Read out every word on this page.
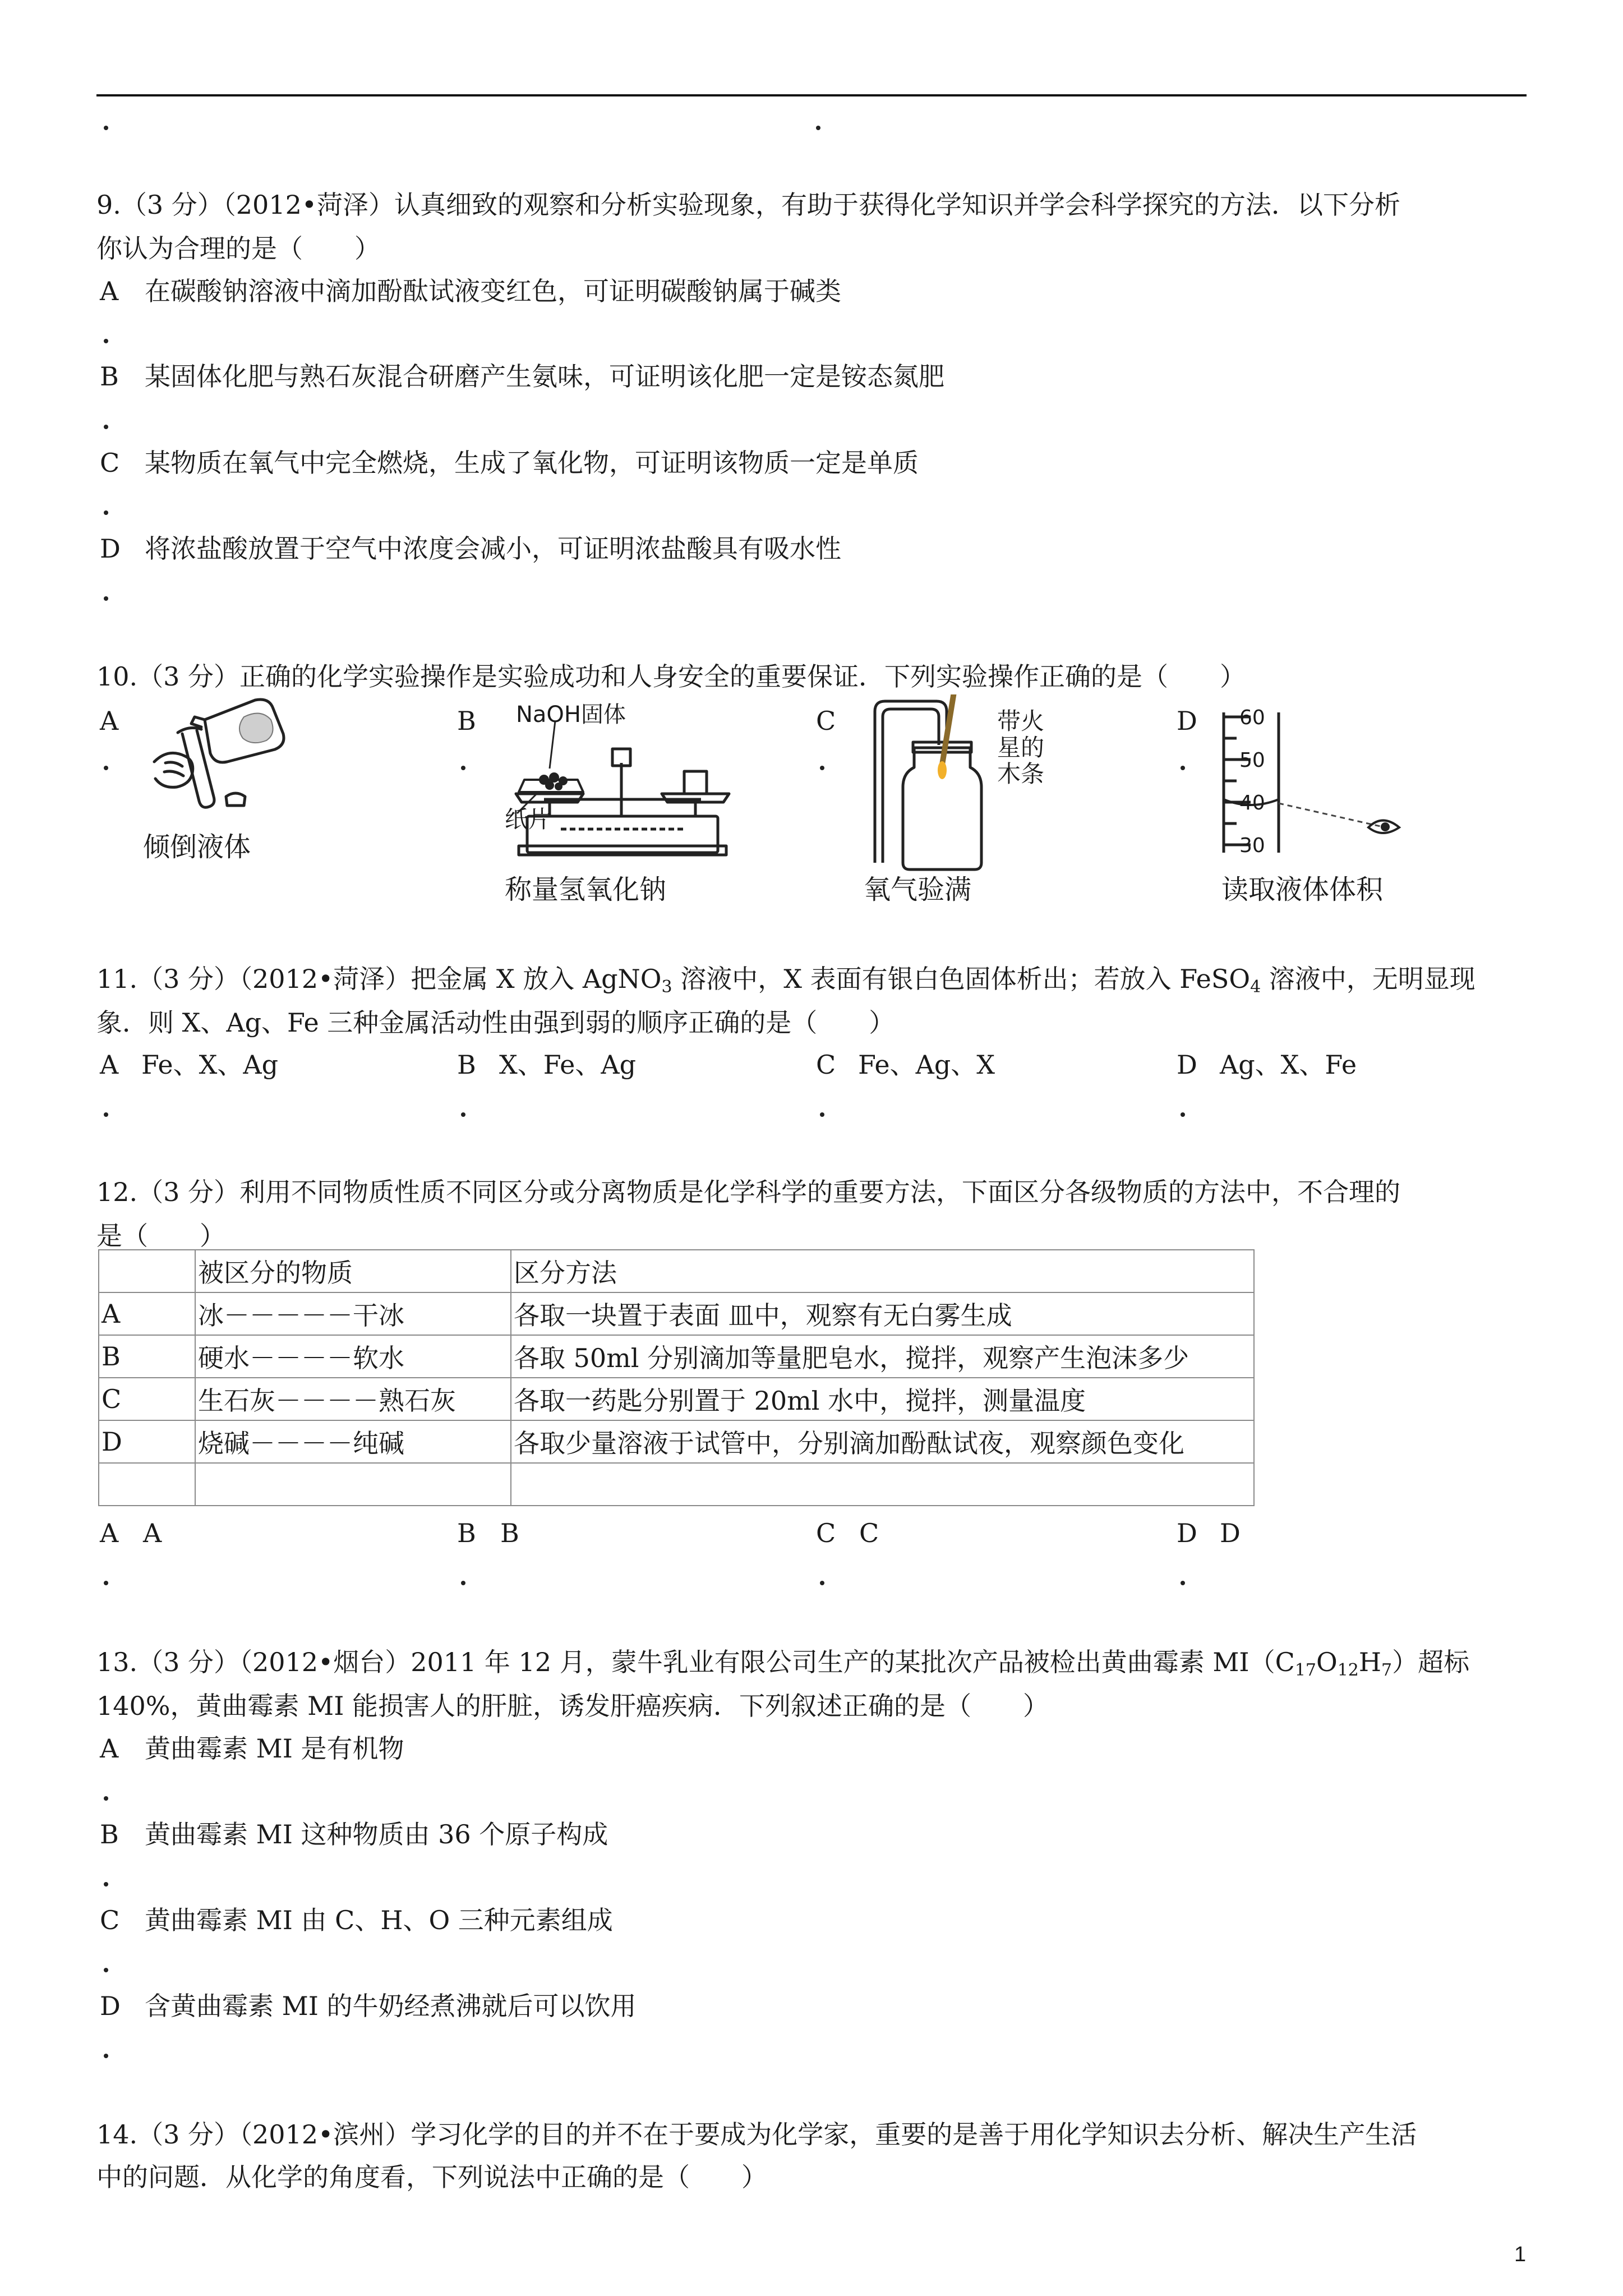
9.（3 分）（2012•菏泽）认真细致的观察和分析实验现象，有助于获得化学知识并学会科学探究的方法．以下分析
你认为合理的是（　　）
A 在碳酸钠溶液中滴加酚酞试液变红色，可证明碳酸钠属于碱类
B 某固体化肥与熟石灰混合研磨产生氨味，可证明该化肥一定是铵态氮肥
C 某物质在氧气中完全燃烧，生成了氧化物，可证明该物质一定是单质
D 将浓盐酸放置于空气中浓度会减小，可证明浓盐酸具有吸水性
10.（3 分）正确的化学实验操作是实验成功和人身安全的重要保证．下列实验操作正确的是（　　）
A
倾倒液体
B NaOH固体
纸片
称量氢氧化钠
C	带火
星的
木条
氧气验满
D 60
50
40
30
读取液体体积
11.（3 分）（2012•菏泽）把金属 X 放入 AgNO$_3$ 溶液中，X 表面有银白色固体析出；若放入 FeSO$_4$ 溶液中，无明显现
象．则 X、Ag、Fe 三种金属活动性由强到弱的顺序正确的是（　　）
A Fe、X、Ag	B X、Fe、Ag	C Fe、Ag、X	D Ag、X、Fe
12.（3 分）利用不同物质性质不同区分或分离物质是化学科学的重要方法，下面区分各级物质的方法中，不合理的
是（　　）
	被区分的物质	区分方法
A	冰－－－－－干冰	各取一块置于表面 皿中，观察有无白雾生成
B	硬水－－－－软水	各取 50ml 分别滴加等量肥皂水，搅拌，观察产生泡沫多少
C	生石灰－－－－熟石灰	各取一药匙分别置于 20ml 水中，搅拌，测量温度
D	烧碱－－－－纯碱	各取少量溶液于试管中，分别滴加酚酞试夜，观察颜色变化

A A	B B	C C	D D
13.（3 分）（2012•烟台）2011 年 12 月，蒙牛乳业有限公司生产的某批次产品被检出黄曲霉素 $MI(C_{17}O_{12}H_7)$超标
140%，黄曲霉素 MI 能损害人的肝脏，诱发肝癌疾病．下列叙述正确的是（　　）
A 黄曲霉素 MI 是有机物
B 黄曲霉素 MI 这种物质由 36 个原子构成
C 黄曲霉素 MI 由 C、H、O 三种元素组成
D 含黄曲霉素 MI 的牛奶经煮沸就后可以饮用
14.（3 分）（2012•滨州）学习化学的目的并不在于要成为化学家，重要的是善于用化学知识去分析、解决生产生活
中的问题．从化学的角度看，下列说法中正确的是（　　）
1
